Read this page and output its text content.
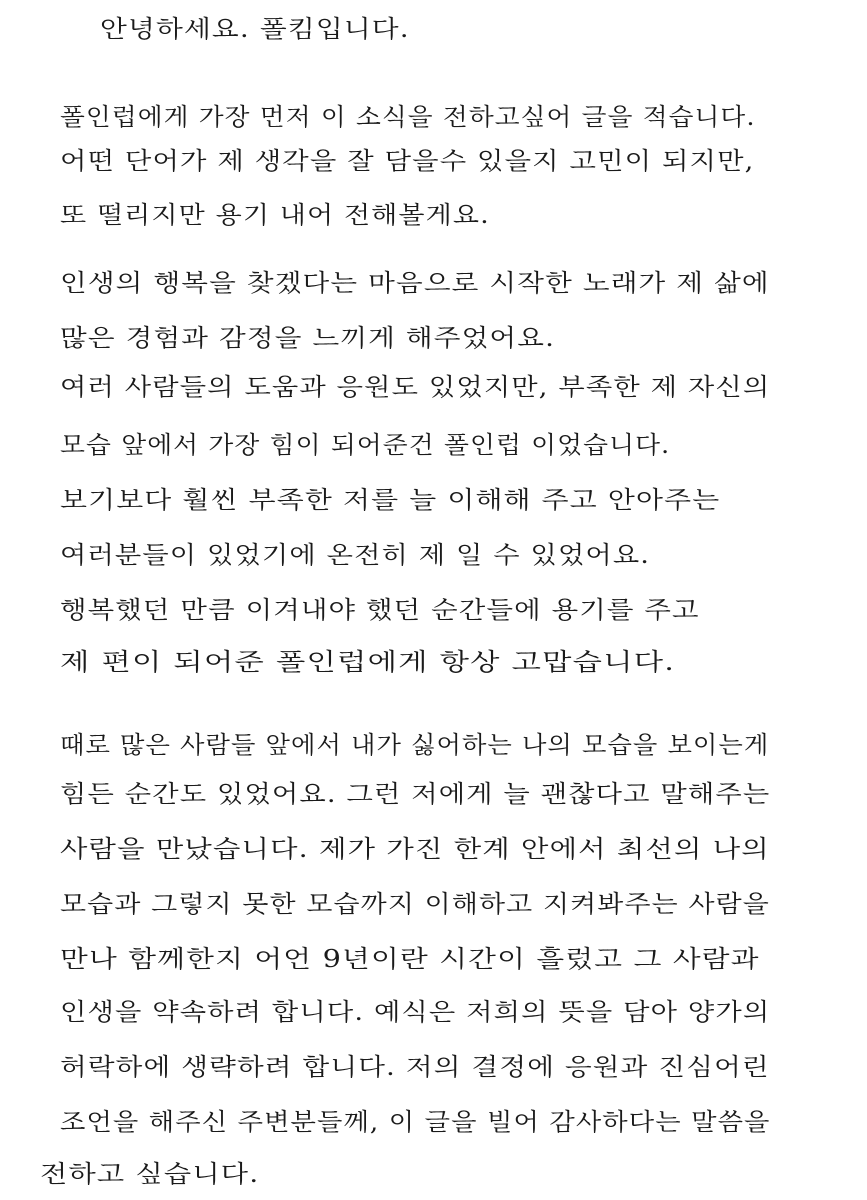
안녕하세요. 폴킴입니다.
폴인럽에게 가장 먼저 이 소식을 전하고싶어 글을 적습니다.
어떤 단어가 제 생각을 잘 담을수 있을지 고민이 되지만,
또 떨리지만 용기 내어 전해볼게요.
인생의 행복을 찾겠다는 마음으로 시작한 노래가 제 삶에
많은 경험과 감정을 느끼게 해주었어요.
여러 사람들의 도움과 응원도 있었지만, 부족한 제 자신의
모습 앞에서 가장 힘이 되어준건 폴인럽 이었습니다.
보기보다 훨씬 부족한 저를 늘 이해해 주고 안아주는
여러분들이 있었기에 온전히 제 일 수 있었어요.
행복했던 만큼 이겨내야 했던 순간들에 용기를 주고
제 편이 되어준 폴인럽에게 항상 고맙습니다.
때로 많은 사람들 앞에서 내가 싫어하는 나의 모습을 보이는게
힘든 순간도 있었어요. 그런 저에게 늘 괜찮다고 말해주는
사람을 만났습니다. 제가 가진 한계 안에서 최선의 나의
모습과 그렇지 못한 모습까지 이해하고 지켜봐주는 사람을
만나 함께한지 어언 9년이란 시간이 흘렀고 그 사람과
인생을 약속하려 합니다. 예식은 저희의 뜻을 담아 양가의
허락하에 생략하려 합니다. 저의 결정에 응원과 진심어린
조언을 해주신 주변분들께, 이 글을 빌어 감사하다는 말씀을
전하고 싶습니다.
